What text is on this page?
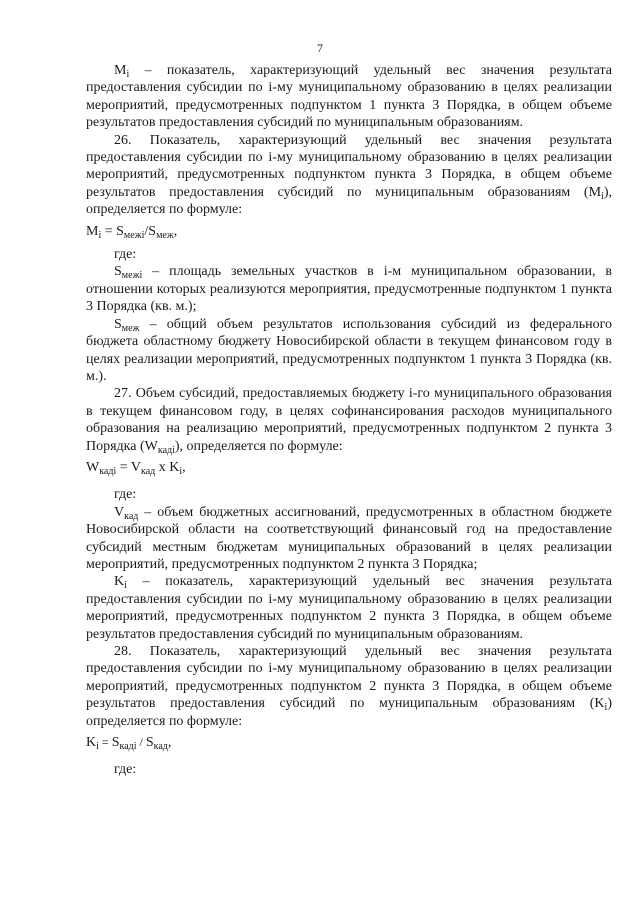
7

$M_i$ – показатель, характеризующий удельный вес значения результата предоставления субсидии по i-му муниципальному образованию в целях реализации мероприятий, предусмотренных подпунктом 1 пункта 3 Порядка, в общем объеме результатов предоставления субсидий по муниципальным образованиям.

26. Показатель, характеризующий удельный вес значения результата предоставления субсидии по i-му муниципальному образованию в целях реализации мероприятий, предусмотренных подпунктом пункта 3 Порядка, в общем объеме результатов предоставления субсидий по муниципальным образованиям $(M_i)$, определяется по формуле:

$M_i = S_{межi}/S_{меж}$,

где:

$S_{межi}$ – площадь земельных участков в i-м муниципальном образовании, в отношении которых реализуются мероприятия, предусмотренные подпунктом 1 пункта 3 Порядка (кв. м.);

$S_{меж}$ – общий объем результатов использования субсидий из федерального бюджета областному бюджету Новосибирской области в текущем финансовом году в целях реализации мероприятий, предусмотренных подпунктом 1 пункта 3 Порядка (кв. м.).

27. Объем субсидий, предоставляемых бюджету i-го муниципального образования в текущем финансовом году, в целях софинансирования расходов муниципального образования на реализацию мероприятий, предусмотренных подпунктом 2 пункта 3 Порядка $(W_{кадi})$, определяется по формуле:

$W_{кадi} = V_{кад}$ x $K_i$,

где:

$V_{кад}$ – объем бюджетных ассигнований, предусмотренных в областном бюджете Новосибирской области на соответствующий финансовый год на предоставление субсидий местным бюджетам муниципальных образований в целях реализации мероприятий, предусмотренных подпунктом 2 пункта 3 Порядка;

$K_i$ – показатель, характеризующий удельный вес значения результата предоставления субсидии по i-му муниципальному образованию в целях реализации мероприятий, предусмотренных подпунктом 2 пункта 3 Порядка, в общем объеме результатов предоставления субсидий по муниципальным образованиям.

28. Показатель, характеризующий удельный вес значения результата предоставления субсидии по i-му муниципальному образованию в целях реализации мероприятий, предусмотренных подпунктом 2 пункта 3 Порядка, в общем объеме результатов предоставления субсидий по муниципальным образованиям $(K_i)$ определяется по формуле:

$K_i = S_{кадi} / S_{кад}$,

где:
